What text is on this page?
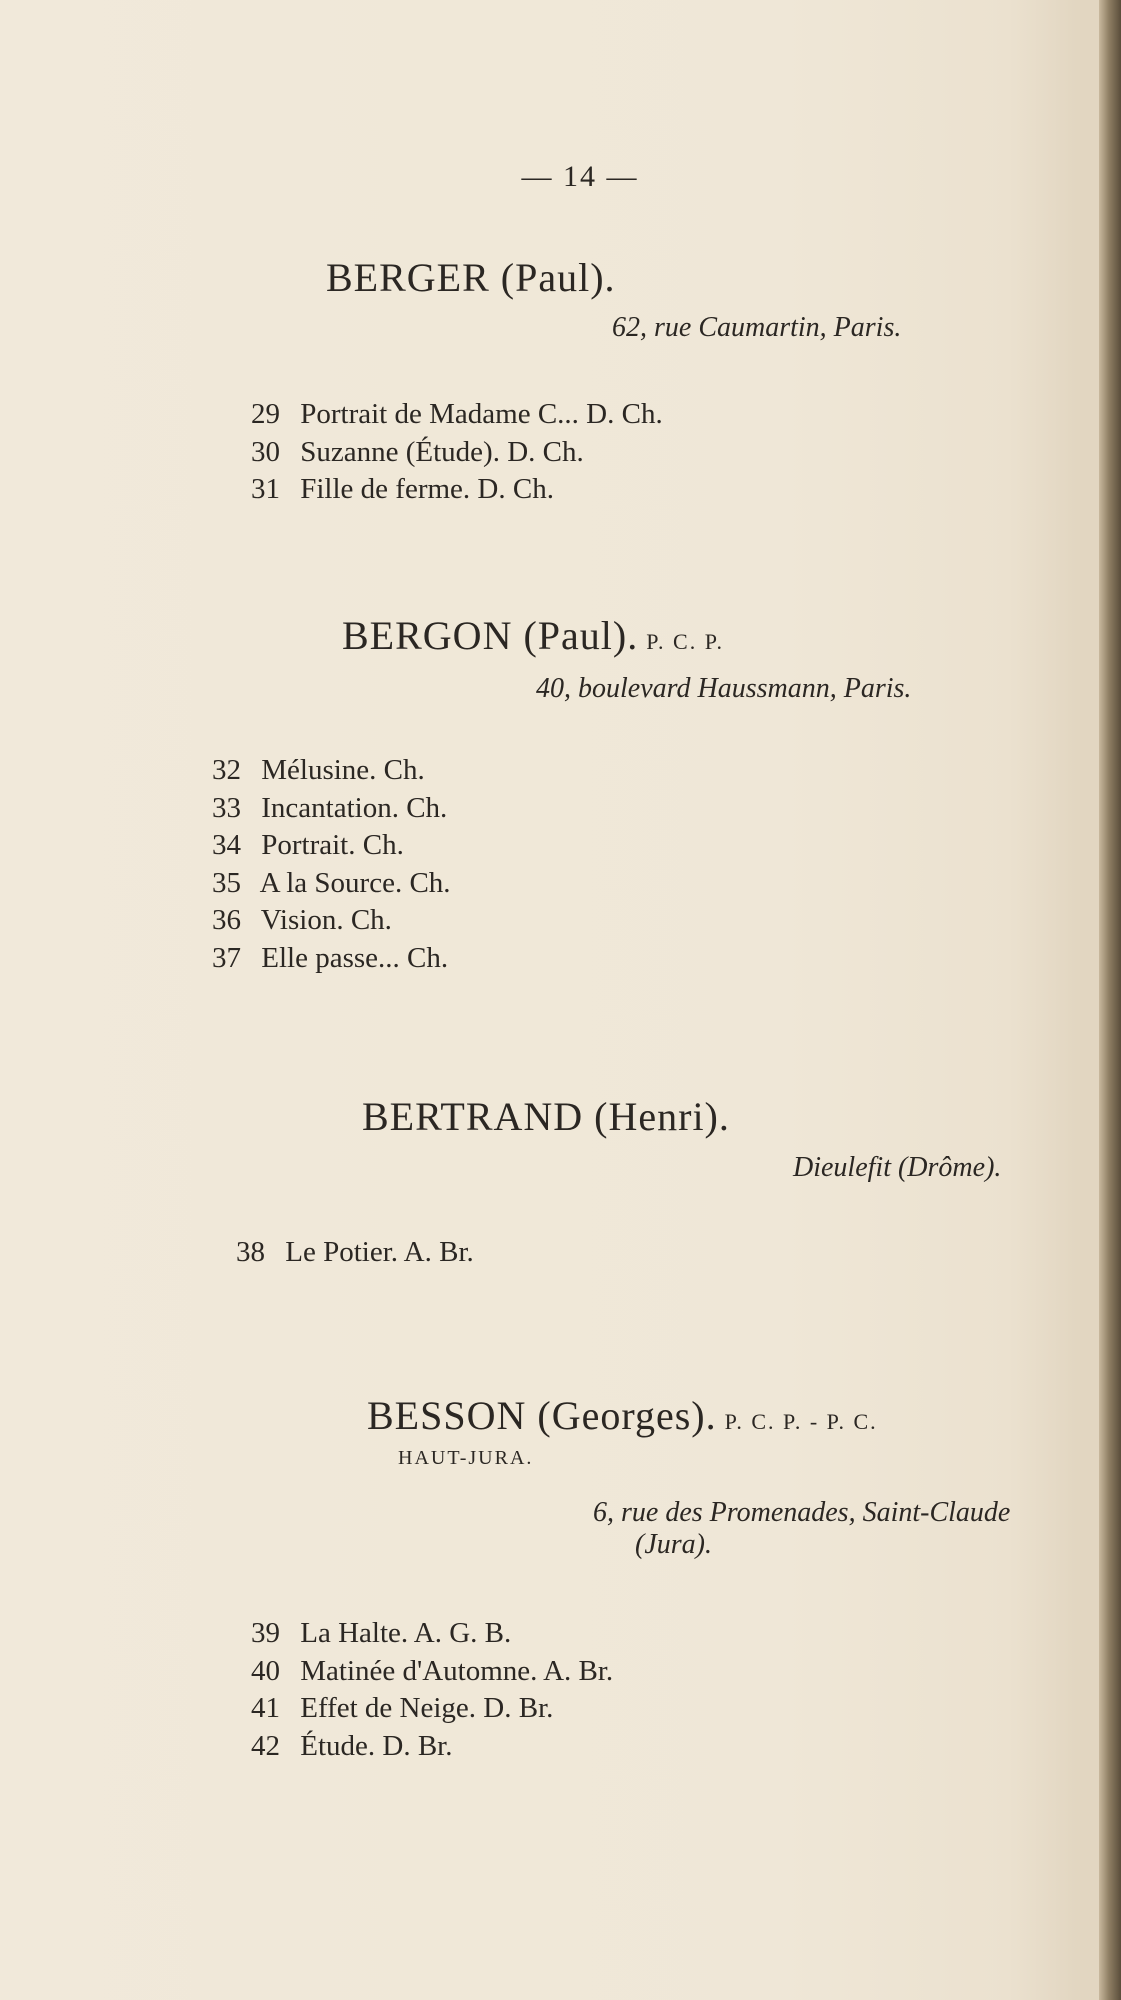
— 14 —
BERGER (Paul).
62, rue Caumartin, Paris.
29 Portrait de Madame C... D. Ch.
30 Suzanne (Étude). D. Ch.
31 Fille de ferme. D. Ch.
BERGON (Paul). P. C. P.
40, boulevard Haussmann, Paris.
32 Mélusine. Ch.
33 Incantation. Ch.
34 Portrait. Ch.
35 A la Source. Ch.
36 Vision. Ch.
37 Elle passe... Ch.
BERTRAND (Henri).
Dieulefit (Drôme).
38 Le Potier. A. Br.
BESSON (Georges). P. C. P. - P. C.
HAUT-JURA.
6, rue des Promenades, Saint-Claude
(Jura).
39 La Halte. A. G. B.
40 Matinée d'Automne. A. Br.
41 Effet de Neige. D. Br.
42 Étude. D. Br.
